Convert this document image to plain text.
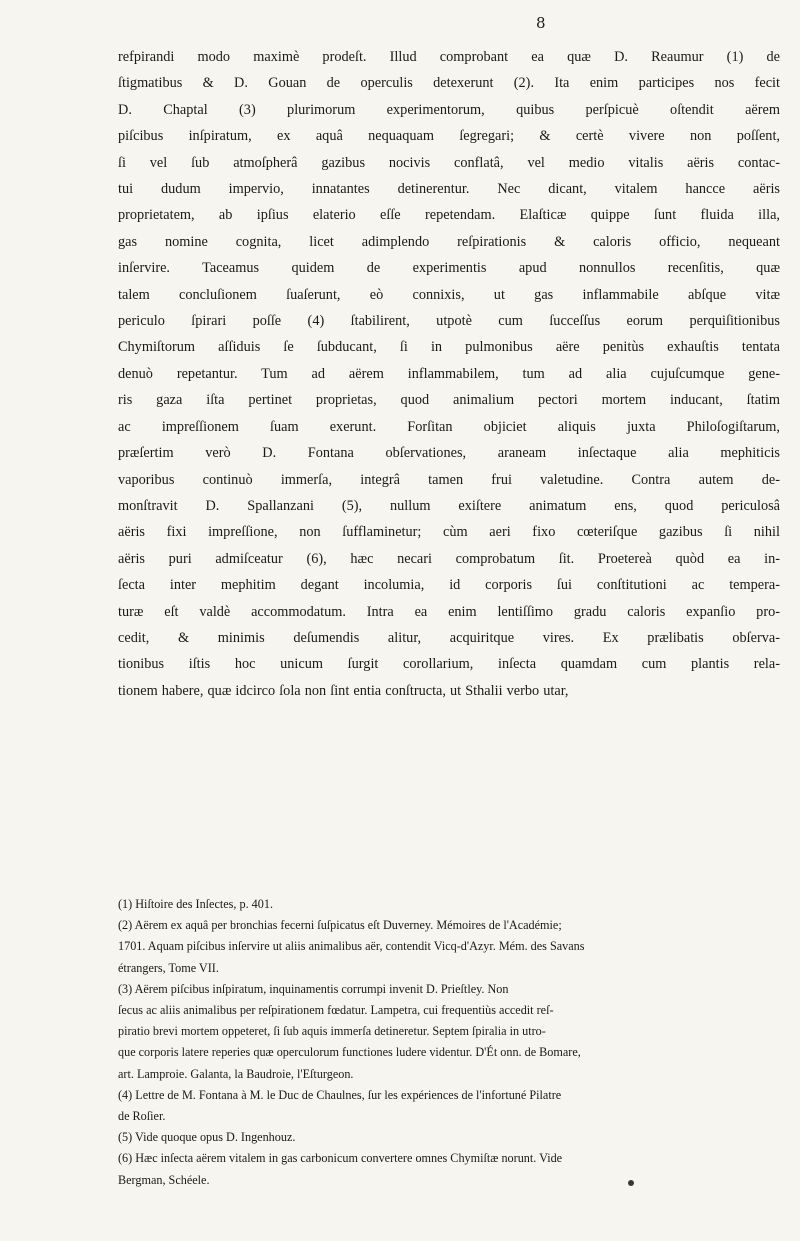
8

refpirandi modo maximè prodeſt. Illud comprobant ea quæ D. Reaumur (1) de
ſtigmatibus & D. Gouan de operculis detexerunt (2). Ita enim participes nos fecit
D. Chaptal (3) plurimorum experimentorum, quibus perſpicuè oſtendit aërem
piſcibus inſpiratum, ex aquâ nequaquam ſegregari; & certè vivere non poſſent,
ſi vel ſub atmoſpherâ gazibus nocivis conflatâ, vel medio vitalis aëris contac-
tui dudum impervio, innatantes detinerentur. Nec dicant, vitalem hancce aëris
proprietatem, ab ipſius elaterio eſſe repetendam. Elaſticæ quippe ſunt fluida illa,
gas nomine cognita, licet adimplendo reſpirationis & caloris officio, nequeant
inſervire. Taceamus quidem de experimentis apud nonnullos recenſitis, quæ
talem concluſionem ſuaſerunt, eò connixis, ut gas inflammabile abſque vitæ
periculo ſpirari poſſe (4) ſtabilirent, utpotè cum ſucceſſus eorum perquiſitionibus
Chymiſtorum aſſiduis ſe ſubducant, ſi in pulmonibus aëre penitùs exhauſtis tentata
denuò repetantur. Tum ad aërem inflammabilem, tum ad alia cujuſcumque gene-
ris gaza iſta pertinet proprietas, quod animalium pectori mortem inducant, ſtatim
ac impreſſionem ſuam exerunt. Forſitan objiciet aliquis juxta Philoſogiſtarum,
præſertim verò D. Fontana obſervationes, araneam inſectaque alia mephiticis
vaporibus continuò immerſa, integrâ tamen frui valetudine. Contra autem de-
monſtravit D. Spallanzani (5), nullum exiſtere animatum ens, quod periculosâ
aëris fixi impreſſione, non ſufflaminetur; cùm aeri fixo cœteriſque gazibus ſi nihil
aëris puri admiſceatur (6), hæc necari comprobatum ſit. Proetereà quòd ea in-
ſecta inter mephitim degant incolumia, id corporis ſui conſtitutioni ac tempera-
turæ eſt valdè accommodatum. Intra ea enim lentiſſimo gradu caloris expanſio pro-
cedit, & minimis deſumendis alitur, acquiritque vires. Ex prælibatis obſerva-
tionibus iſtis hoc unicum ſurgit corollarium, inſecta quamdam cum plantis rela-
tionem habere, quæ idcirco ſola non ſint entia conſtructa, ut Sthalii verbo utar,
(1) Hiſtoire des Inſectes, p. 401.
(2) Aërem ex aquâ per bronchias fecerni ſuſpicatus eſt Duverney. Mémoires de l'Académie;
1701. Aquam piſcibus inſervire ut aliis animalibus aër, contendit Vicq-d'Azyr. Mém. des Savans
étrangers, Tome VII.
(3) Aërem piſcibus inſpiratum, inquinamentis corrumpi invenit D. Prieſtley. Non
ſecus ac aliis animalibus per reſpirationem fœdatur. Lampetra, cui frequentiùs accedit reſ-
piratio brevi mortem oppeteret, ſi ſub aquis immerſa detineretur. Septem ſpiralia in utro-
que corporis latere reperies quæ operculorum functiones ludere videntur. D'Ét onn. de Bomare,
art. Lamproie. Galanta, la Baudroie, l'Eſturgeon.
(4) Lettre de M. Fontana à M. le Duc de Chaulnes, ſur les expériences de l'infortuné Pilatre
de Roſier.
(5) Vide quoque opus D. Ingenhouz.
(6) Hæc inſecta aërem vitalem in gas carbonicum convertere omnes Chymiſtæ norunt. Vide
Bergman, Schéele.
